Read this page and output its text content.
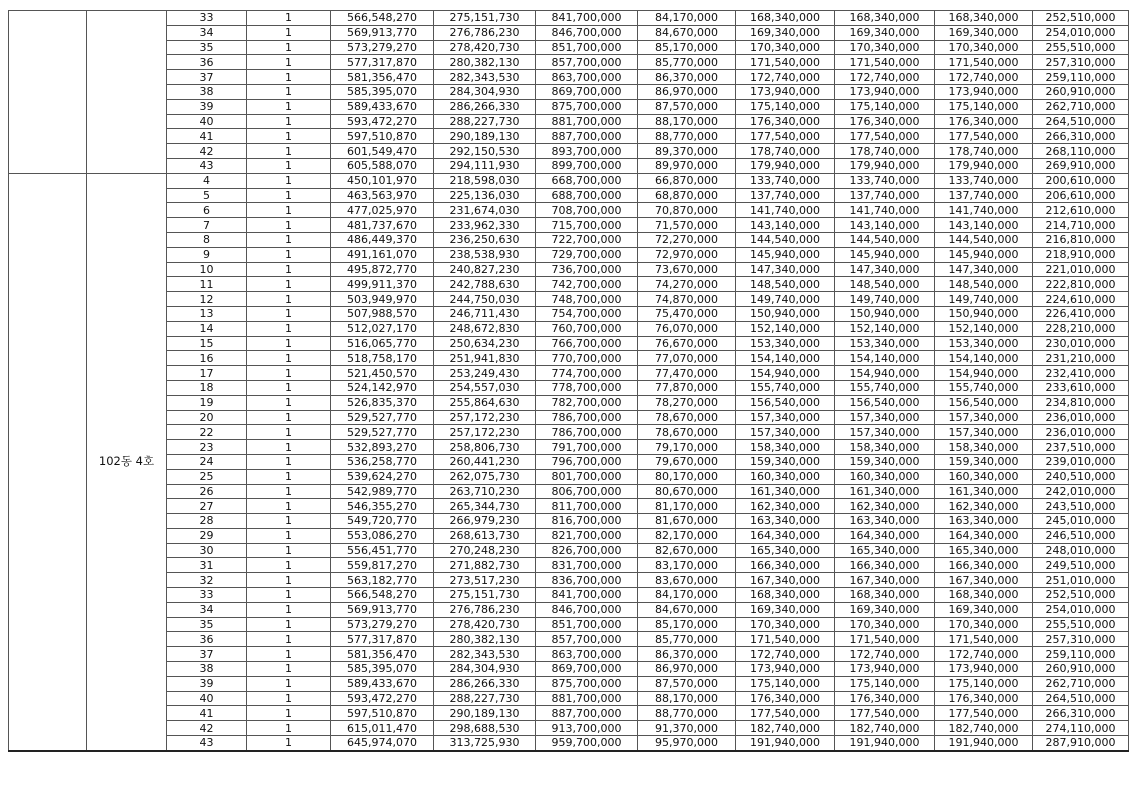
		33	1	566,548,270	275,151,730	841,700,000	84,170,000	168,340,000	168,340,000	168,340,000	252,510,000
		34	1	569,913,770	276,786,230	846,700,000	84,670,000	169,340,000	169,340,000	169,340,000	254,010,000
		35	1	573,279,270	278,420,730	851,700,000	85,170,000	170,340,000	170,340,000	170,340,000	255,510,000
		36	1	577,317,870	280,382,130	857,700,000	85,770,000	171,540,000	171,540,000	171,540,000	257,310,000
		37	1	581,356,470	282,343,530	863,700,000	86,370,000	172,740,000	172,740,000	172,740,000	259,110,000
		38	1	585,395,070	284,304,930	869,700,000	86,970,000	173,940,000	173,940,000	173,940,000	260,910,000
		39	1	589,433,670	286,266,330	875,700,000	87,570,000	175,140,000	175,140,000	175,140,000	262,710,000
		40	1	593,472,270	288,227,730	881,700,000	88,170,000	176,340,000	176,340,000	176,340,000	264,510,000
		41	1	597,510,870	290,189,130	887,700,000	88,770,000	177,540,000	177,540,000	177,540,000	266,310,000
		42	1	601,549,470	292,150,530	893,700,000	89,370,000	178,740,000	178,740,000	178,740,000	268,110,000
		43	1	605,588,070	294,111,930	899,700,000	89,970,000	179,940,000	179,940,000	179,940,000	269,910,000
	102동 4호	4	1	450,101,970	218,598,030	668,700,000	66,870,000	133,740,000	133,740,000	133,740,000	200,610,000
		5	1	463,563,970	225,136,030	688,700,000	68,870,000	137,740,000	137,740,000	137,740,000	206,610,000
		6	1	477,025,970	231,674,030	708,700,000	70,870,000	141,740,000	141,740,000	141,740,000	212,610,000
		7	1	481,737,670	233,962,330	715,700,000	71,570,000	143,140,000	143,140,000	143,140,000	214,710,000
		8	1	486,449,370	236,250,630	722,700,000	72,270,000	144,540,000	144,540,000	144,540,000	216,810,000
		9	1	491,161,070	238,538,930	729,700,000	72,970,000	145,940,000	145,940,000	145,940,000	218,910,000
		10	1	495,872,770	240,827,230	736,700,000	73,670,000	147,340,000	147,340,000	147,340,000	221,010,000
		11	1	499,911,370	242,788,630	742,700,000	74,270,000	148,540,000	148,540,000	148,540,000	222,810,000
		12	1	503,949,970	244,750,030	748,700,000	74,870,000	149,740,000	149,740,000	149,740,000	224,610,000
		13	1	507,988,570	246,711,430	754,700,000	75,470,000	150,940,000	150,940,000	150,940,000	226,410,000
		14	1	512,027,170	248,672,830	760,700,000	76,070,000	152,140,000	152,140,000	152,140,000	228,210,000
		15	1	516,065,770	250,634,230	766,700,000	76,670,000	153,340,000	153,340,000	153,340,000	230,010,000
		16	1	518,758,170	251,941,830	770,700,000	77,070,000	154,140,000	154,140,000	154,140,000	231,210,000
		17	1	521,450,570	253,249,430	774,700,000	77,470,000	154,940,000	154,940,000	154,940,000	232,410,000
		18	1	524,142,970	254,557,030	778,700,000	77,870,000	155,740,000	155,740,000	155,740,000	233,610,000
		19	1	526,835,370	255,864,630	782,700,000	78,270,000	156,540,000	156,540,000	156,540,000	234,810,000
		20	1	529,527,770	257,172,230	786,700,000	78,670,000	157,340,000	157,340,000	157,340,000	236,010,000
		22	1	529,527,770	257,172,230	786,700,000	78,670,000	157,340,000	157,340,000	157,340,000	236,010,000
		23	1	532,893,270	258,806,730	791,700,000	79,170,000	158,340,000	158,340,000	158,340,000	237,510,000
		24	1	536,258,770	260,441,230	796,700,000	79,670,000	159,340,000	159,340,000	159,340,000	239,010,000
		25	1	539,624,270	262,075,730	801,700,000	80,170,000	160,340,000	160,340,000	160,340,000	240,510,000
		26	1	542,989,770	263,710,230	806,700,000	80,670,000	161,340,000	161,340,000	161,340,000	242,010,000
		27	1	546,355,270	265,344,730	811,700,000	81,170,000	162,340,000	162,340,000	162,340,000	243,510,000
		28	1	549,720,770	266,979,230	816,700,000	81,670,000	163,340,000	163,340,000	163,340,000	245,010,000
		29	1	553,086,270	268,613,730	821,700,000	82,170,000	164,340,000	164,340,000	164,340,000	246,510,000
		30	1	556,451,770	270,248,230	826,700,000	82,670,000	165,340,000	165,340,000	165,340,000	248,010,000
		31	1	559,817,270	271,882,730	831,700,000	83,170,000	166,340,000	166,340,000	166,340,000	249,510,000
		32	1	563,182,770	273,517,230	836,700,000	83,670,000	167,340,000	167,340,000	167,340,000	251,010,000
		33	1	566,548,270	275,151,730	841,700,000	84,170,000	168,340,000	168,340,000	168,340,000	252,510,000
		34	1	569,913,770	276,786,230	846,700,000	84,670,000	169,340,000	169,340,000	169,340,000	254,010,000
		35	1	573,279,270	278,420,730	851,700,000	85,170,000	170,340,000	170,340,000	170,340,000	255,510,000
		36	1	577,317,870	280,382,130	857,700,000	85,770,000	171,540,000	171,540,000	171,540,000	257,310,000
		37	1	581,356,470	282,343,530	863,700,000	86,370,000	172,740,000	172,740,000	172,740,000	259,110,000
		38	1	585,395,070	284,304,930	869,700,000	86,970,000	173,940,000	173,940,000	173,940,000	260,910,000
		39	1	589,433,670	286,266,330	875,700,000	87,570,000	175,140,000	175,140,000	175,140,000	262,710,000
		40	1	593,472,270	288,227,730	881,700,000	88,170,000	176,340,000	176,340,000	176,340,000	264,510,000
		41	1	597,510,870	290,189,130	887,700,000	88,770,000	177,540,000	177,540,000	177,540,000	266,310,000
		42	1	615,011,470	298,688,530	913,700,000	91,370,000	182,740,000	182,740,000	182,740,000	274,110,000
		43	1	645,974,070	313,725,930	959,700,000	95,970,000	191,940,000	191,940,000	191,940,000	287,910,000
